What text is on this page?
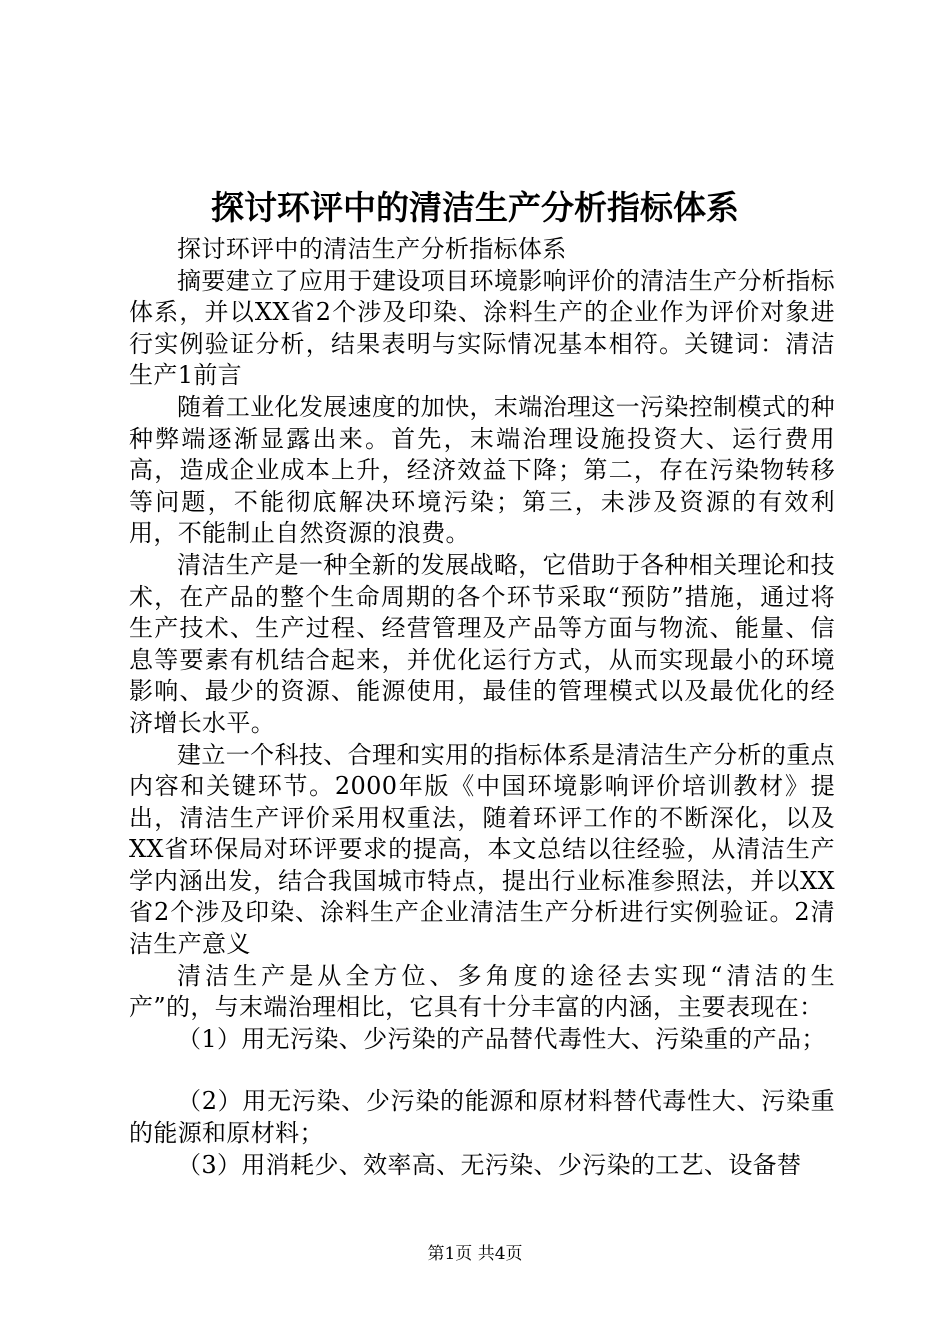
探讨环评中的清洁生产分析指标体系

探讨环评中的清洁生产分析指标体系

摘要建立了应用于建设项目环境影响评价的清洁生产分析指标体系，并以XX省2个涉及印染、涂料生产的企业作为评价对象进行实例验证分析，结果表明与实际情况基本相符。关键词：清洁生产1前言

随着工业化发展速度的加快，末端治理这一污染控制模式的种种弊端逐渐显露出来。首先，末端治理设施投资大、运行费用高，造成企业成本上升，经济效益下降；第二，存在污染物转移等问题，不能彻底解决环境污染；第三，未涉及资源的有效利用，不能制止自然资源的浪费。

清洁生产是一种全新的发展战略，它借助于各种相关理论和技术，在产品的整个生命周期的各个环节采取“预防”措施，通过将生产技术、生产过程、经营管理及产品等方面与物流、能量、信息等要素有机结合起来，并优化运行方式，从而实现最小的环境影响、最少的资源、能源使用，最佳的管理模式以及最优化的经济增长水平。

建立一个科技、合理和实用的指标体系是清洁生产分析的重点内容和关键环节。2000年版《中国环境影响评价培训教材》提出，清洁生产评价采用权重法，随着环评工作的不断深化，以及XX省环保局对环评要求的提高，本文总结以往经验，从清洁生产学内涵出发，结合我国城市特点，提出行业标准参照法，并以XX省2个涉及印染、涂料生产企业清洁生产分析进行实例验证。2清洁生产意义

清洁生产是从全方位、多角度的途径去实现“清洁的生产”的，与末端治理相比，它具有十分丰富的内涵，主要表现在：

（1）用无污染、少污染的产品替代毒性大、污染重的产品；

（2）用无污染、少污染的能源和原材料替代毒性大、污染重的能源和原材料；

（3）用消耗少、效率高、无污染、少污染的工艺、设备替

第1页 共4页
